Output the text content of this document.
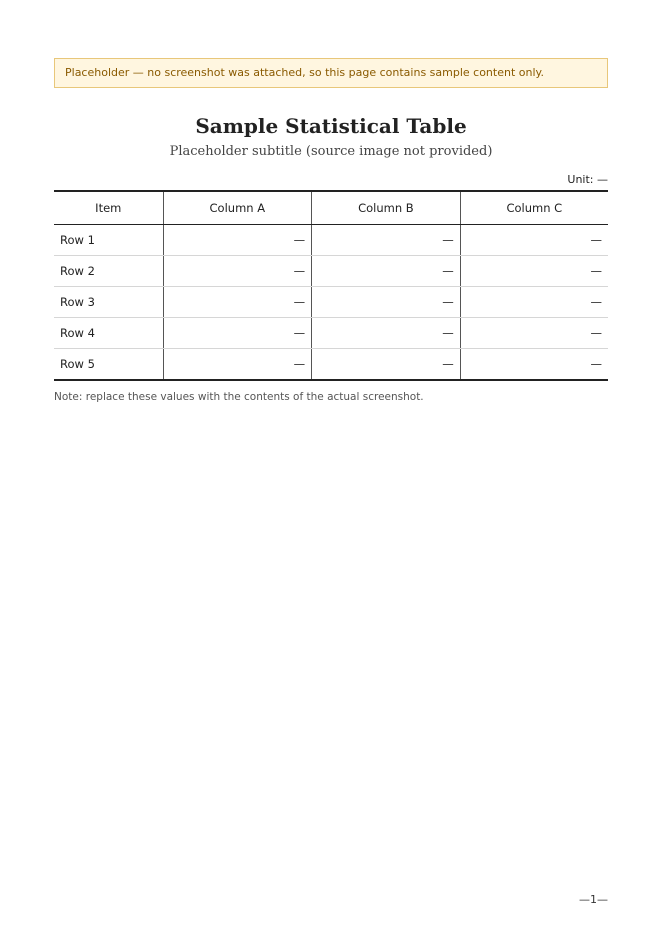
Placeholder — no screenshot was attached, so this page contains sample content only.
Sample Statistical Table

Placeholder subtitle (source image not provided)

Unit: —

Item	Column A	Column B	Column C
Row 1	—	—	—
Row 2	—	—	—
Row 3	—	—	—
Row 4	—	—	—
Row 5	—	—	—

Note: replace these values with the contents of the actual screenshot.

—1—
